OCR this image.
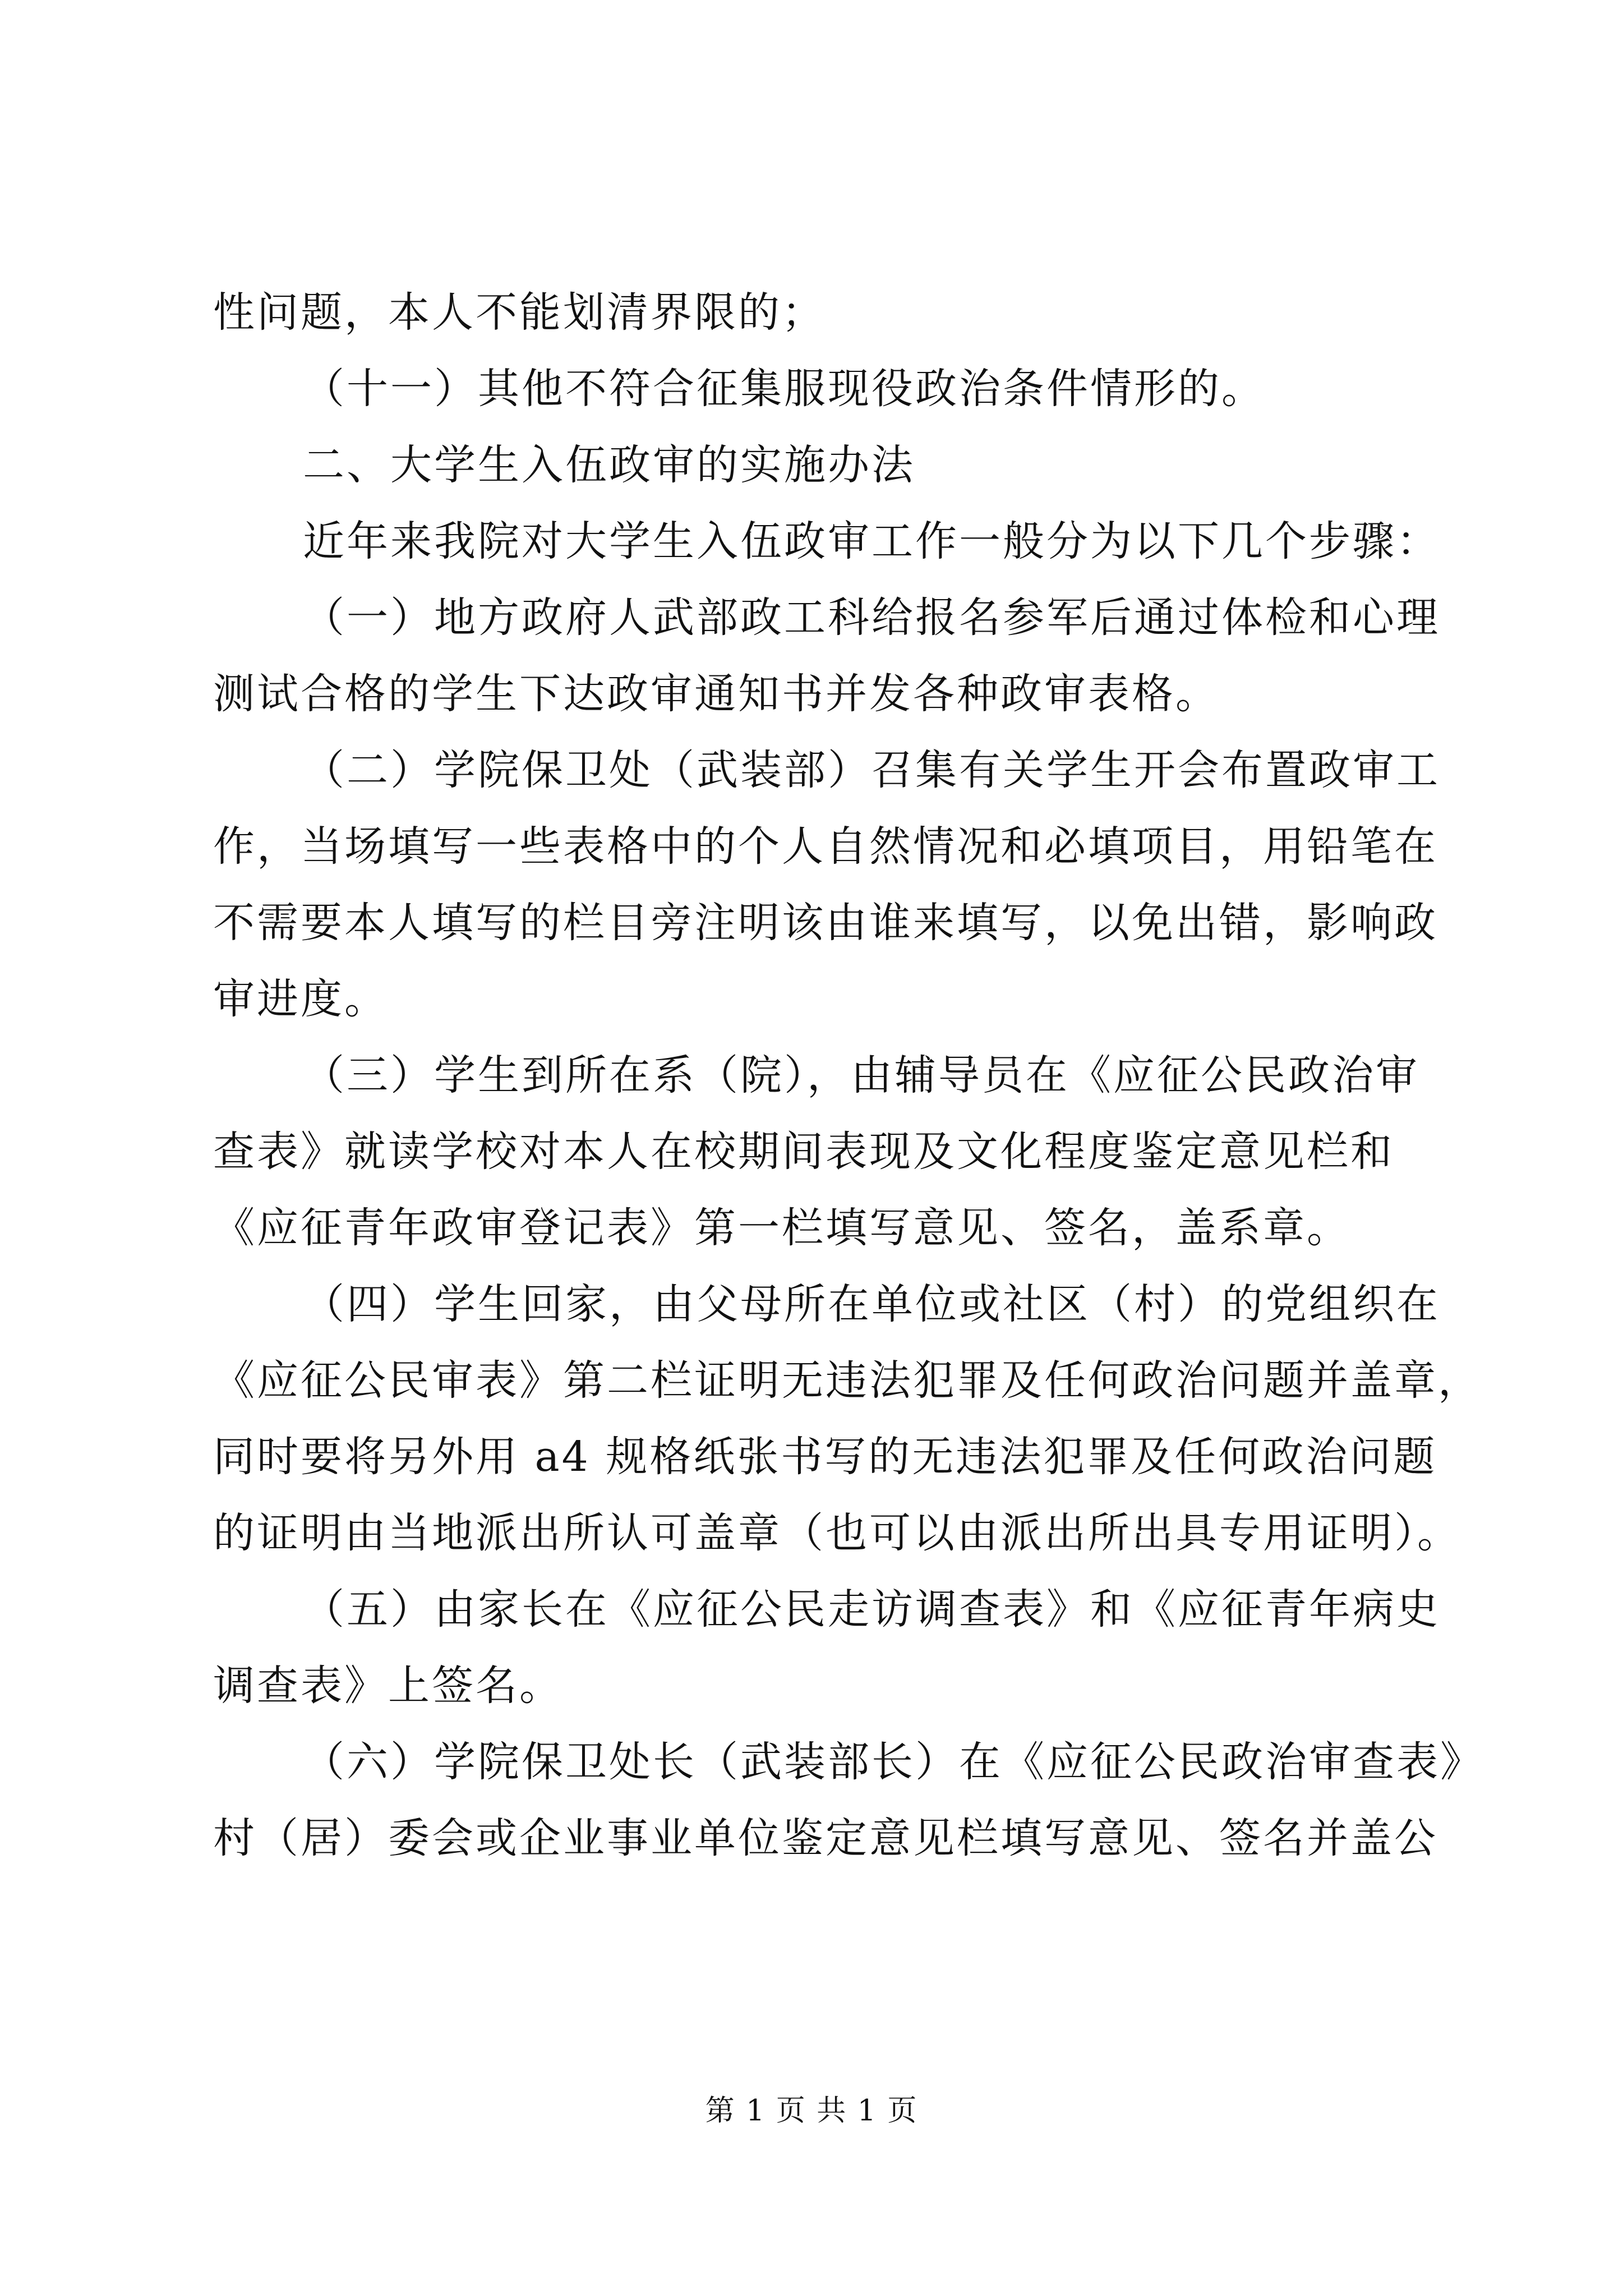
性问题，本人不能划清界限的；
（十一）其他不符合征集服现役政治条件情形的。
二、大学生入伍政审的实施办法
近年来我院对大学生入伍政审工作一般分为以下几个步骤：
（一）地方政府人武部政工科给报名参军后通过体检和心理
测试合格的学生下达政审通知书并发各种政审表格。
（二）学院保卫处（武装部）召集有关学生开会布置政审工
作，当场填写一些表格中的个人自然情况和必填项目，用铅笔在
不需要本人填写的栏目旁注明该由谁来填写，以免出错，影响政
审进度。
（三）学生到所在系（院），由辅导员在《应征公民政治审
查表》就读学校对本人在校期间表现及文化程度鉴定意见栏和
《应征青年政审登记表》第一栏填写意见、签名，盖系章。
（四）学生回家，由父母所在单位或社区（村）的党组织在
《应征公民审表》第二栏证明无违法犯罪及任何政治问题并盖章，
同时要将另外用 a4 规格纸张书写的无违法犯罪及任何政治问题
的证明由当地派出所认可盖章（也可以由派出所出具专用证明）。
（五）由家长在《应征公民走访调查表》和《应征青年病史
调查表》上签名。
（六）学院保卫处长（武装部长）在《应征公民政治审查表》
村（居）委会或企业事业单位鉴定意见栏填写意见、签名并盖公
第 1 页 共 1 页
